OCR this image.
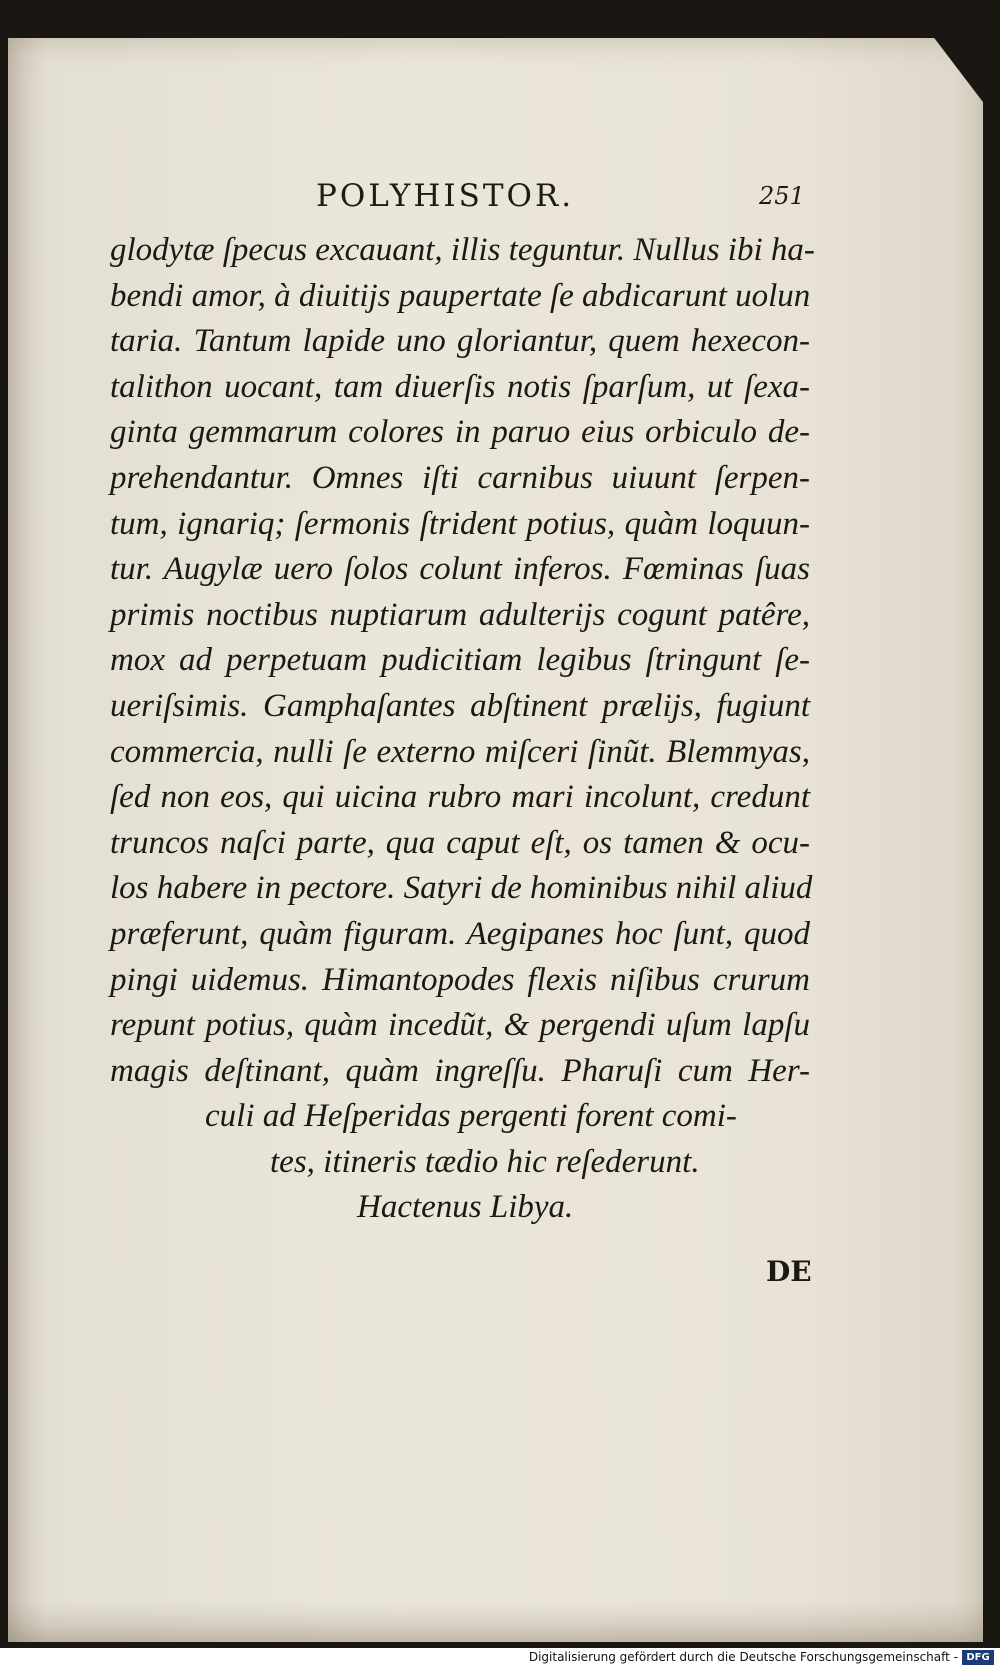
POLYHISTOR.	251
glodytæ ſpecus excauant, illis teguntur. Nullus ibi ha-
bendi amor, à diuitijs paupertate ſe abdicarunt uolun
taria. Tantum lapide uno gloriantur, quem hexecon-
talithon uocant, tam diuerſis notis ſparſum, ut ſexa-
ginta gemmarum colores in paruo eius orbiculo de-
prehendantur. Omnes iſti carnibus uiuunt ſerpen-
tum, ignariq; ſermonis ſtrident potius, quàm loquun-
tur. Augylæ uero ſolos colunt inferos. Fœminas ſuas
primis noctibus nuptiarum adulterijs cogunt patêre,
mox ad perpetuam pudicitiam legibus ſtringunt ſe-
ueriſsimis. Gamphaſantes abſtinent prælijs, fugiunt
commercia, nulli ſe externo miſceri ſinũt. Blemmyas,
ſed non eos, qui uicina rubro mari incolunt, credunt
truncos naſci parte, qua caput eſt, os tamen & ocu-
los habere in pectore. Satyri de hominibus nihil aliud
præferunt, quàm figuram. Aegipanes hoc ſunt, quod
pingi uidemus. Himantopodes flexis niſibus crurum
repunt potius, quàm incedũt, & pergendi uſum lapſu
magis deſtinant, quàm ingreſſu. Pharuſi cum Her-
culi ad Heſperidas pergenti forent comi-
tes, itineris tædio hic reſederunt.
Hactenus Libya.
DE
Digitalisierung gefördert durch die Deutsche Forschungsgemeinschaft - DFG
